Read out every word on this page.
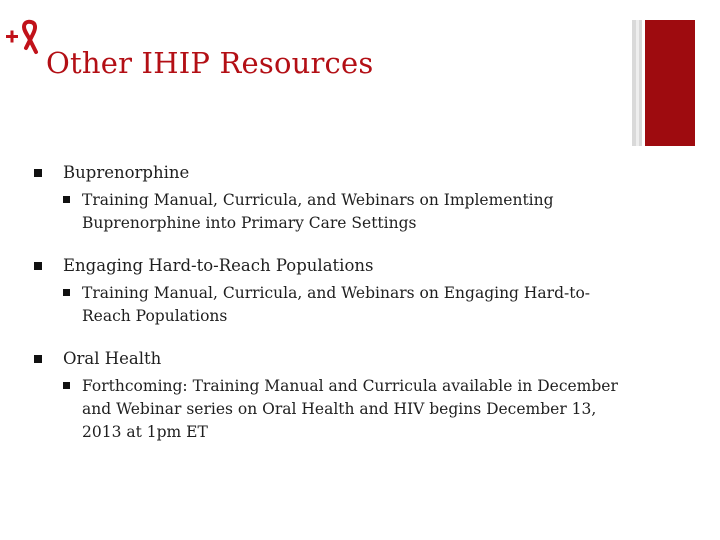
Other IHIP Resources
Buprenorphine
Training Manual, Curricula, and Webinars on Implementing Buprenorphine into Primary Care Settings
Engaging Hard-to-Reach Populations
Training Manual, Curricula, and Webinars on Engaging Hard-to-Reach Populations
Oral Health
Forthcoming: Training Manual and Curricula available in December and Webinar series on Oral Health and HIV begins December 13, 2013 at 1pm ET
